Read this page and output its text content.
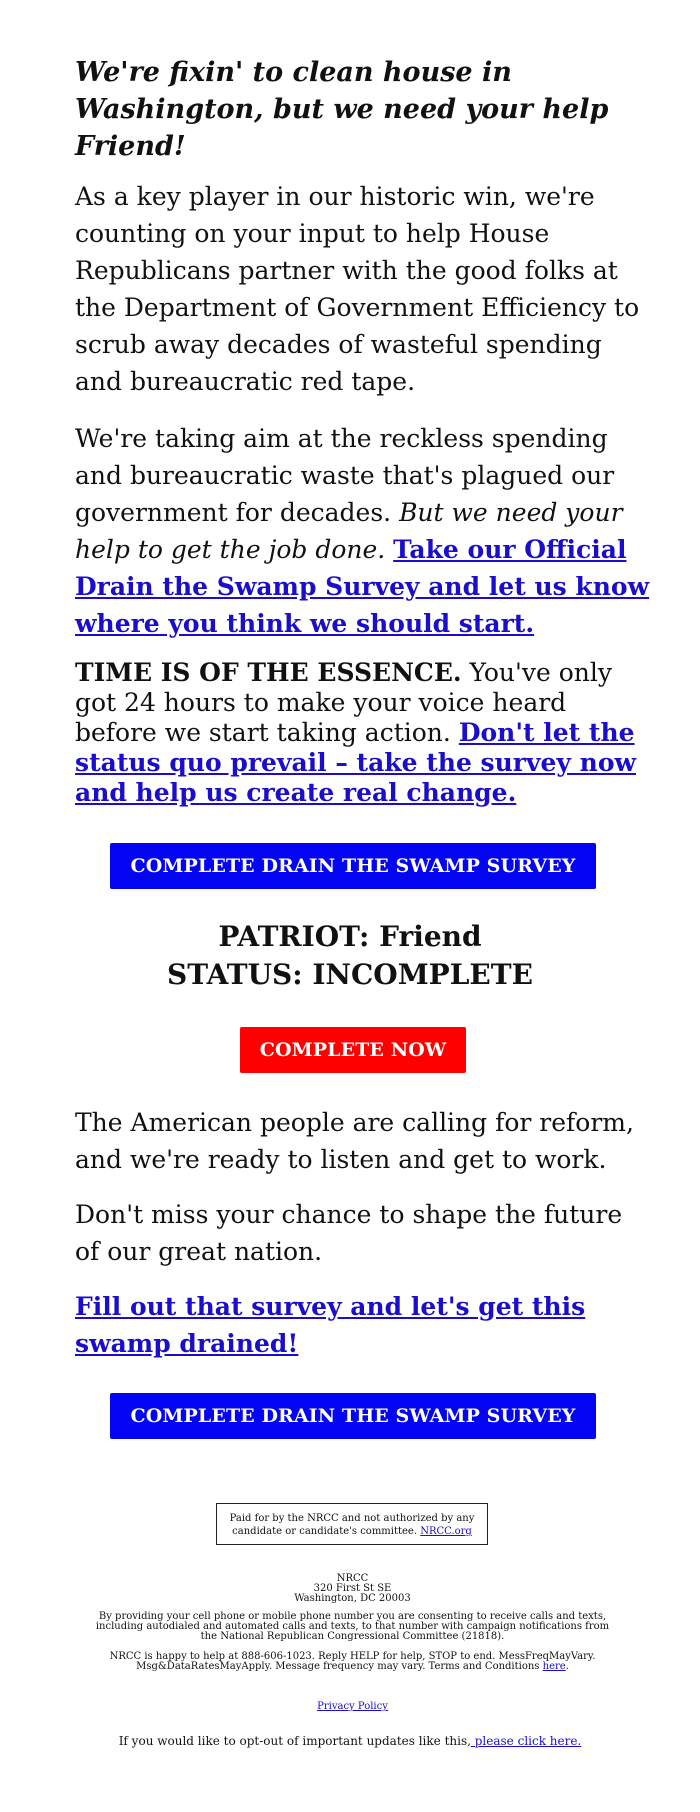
We're fixin' to clean house in Washington, but we need your help Friend!

As a key player in our historic win, we're counting on your input to help House Republicans partner with the good folks at the Department of Government Efficiency to scrub away decades of wasteful spending and bureaucratic red tape.

We're taking aim at the reckless spending and bureaucratic waste that's plagued our government for decades. But we need your help to get the job done. Take our Official Drain the Swamp Survey and let us know where you think we should start.

TIME IS OF THE ESSENCE. You've only got 24 hours to make your voice heard before we start taking action. Don't let the status quo prevail – take the survey now and help us create real change.

COMPLETE DRAIN THE SWAMP SURVEY

PATRIOT: Friend

STATUS: INCOMPLETE

COMPLETE NOW

The American people are calling for reform, and we're ready to listen and get to work.

Don't miss your chance to shape the future of our great nation.

Fill out that survey and let's get this swamp drained!

COMPLETE DRAIN THE SWAMP SURVEY
Paid for by the NRCC and not authorized by any candidate or candidate's committee. NRCC.org

NRCC

320 First St SE

Washington, DC 20003

By providing your cell phone or mobile phone number you are consenting to receive calls and texts, including autodialed and automated calls and texts, to that number with campaign notifications from the National Republican Congressional Committee (21818).

NRCC is happy to help at 888-606-1023. Reply HELP for help, STOP to end. MessFreqMayVary. Msg&DataRatesMayApply. Message frequency may vary. Terms and Conditions here.

Privacy Policy

If you would like to opt-out of important updates like this, please click here.
